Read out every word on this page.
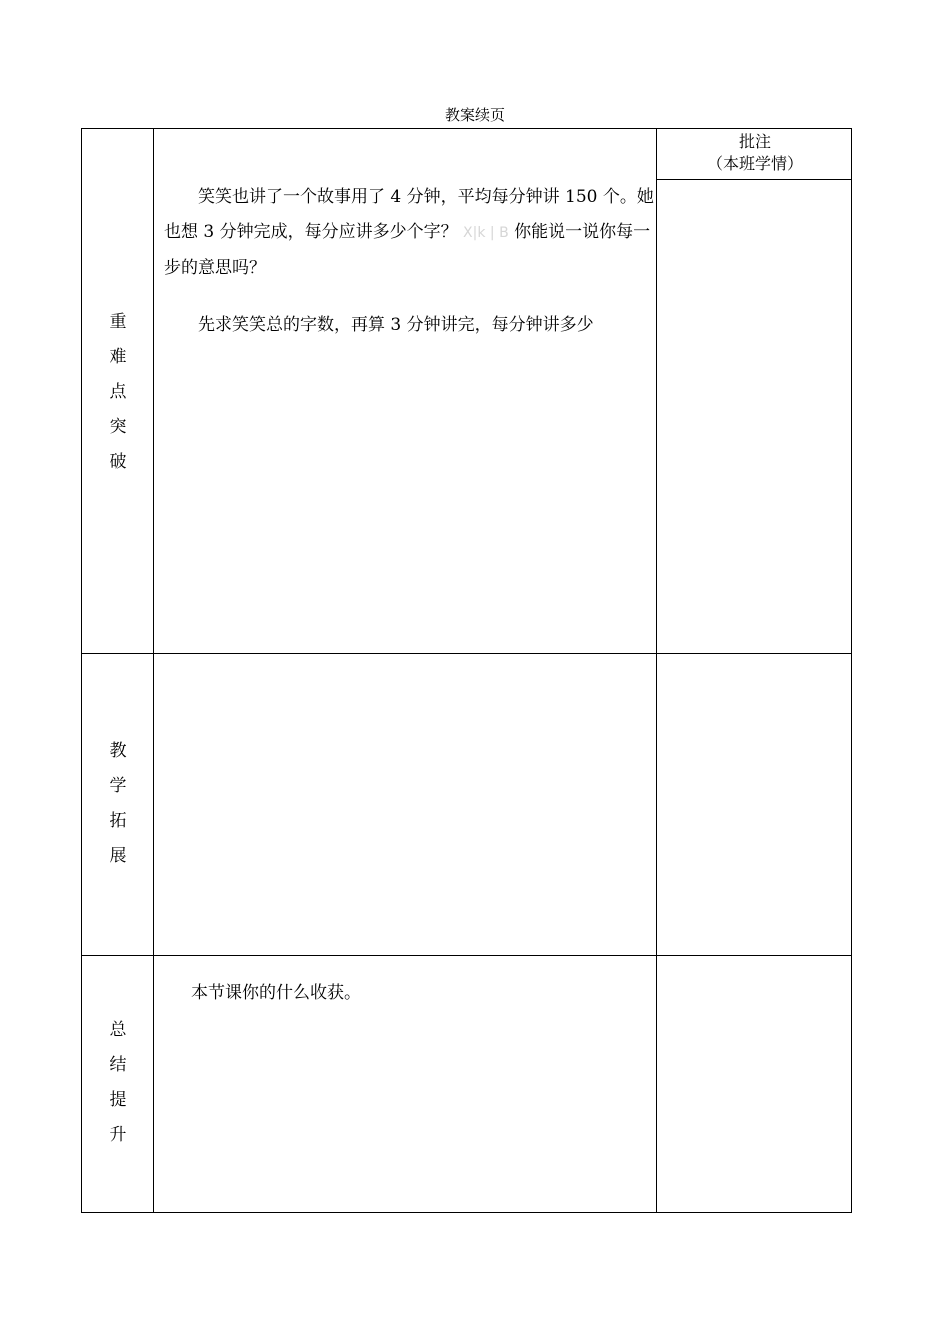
教案续页
批注
（本班学情）
重
难
点
突
破
笑笑也讲了一个故事用了 4 分钟，平均每分钟讲 150 个。她也想 3 分钟完成，每分应讲多少个字？ X|k | B 你能说一说你每一步的意思吗？
先求笑笑总的字数，再算 3 分钟讲完，每分钟讲多少
教
学
拓
展
总
结
提
升
本节课你的什么收获。
